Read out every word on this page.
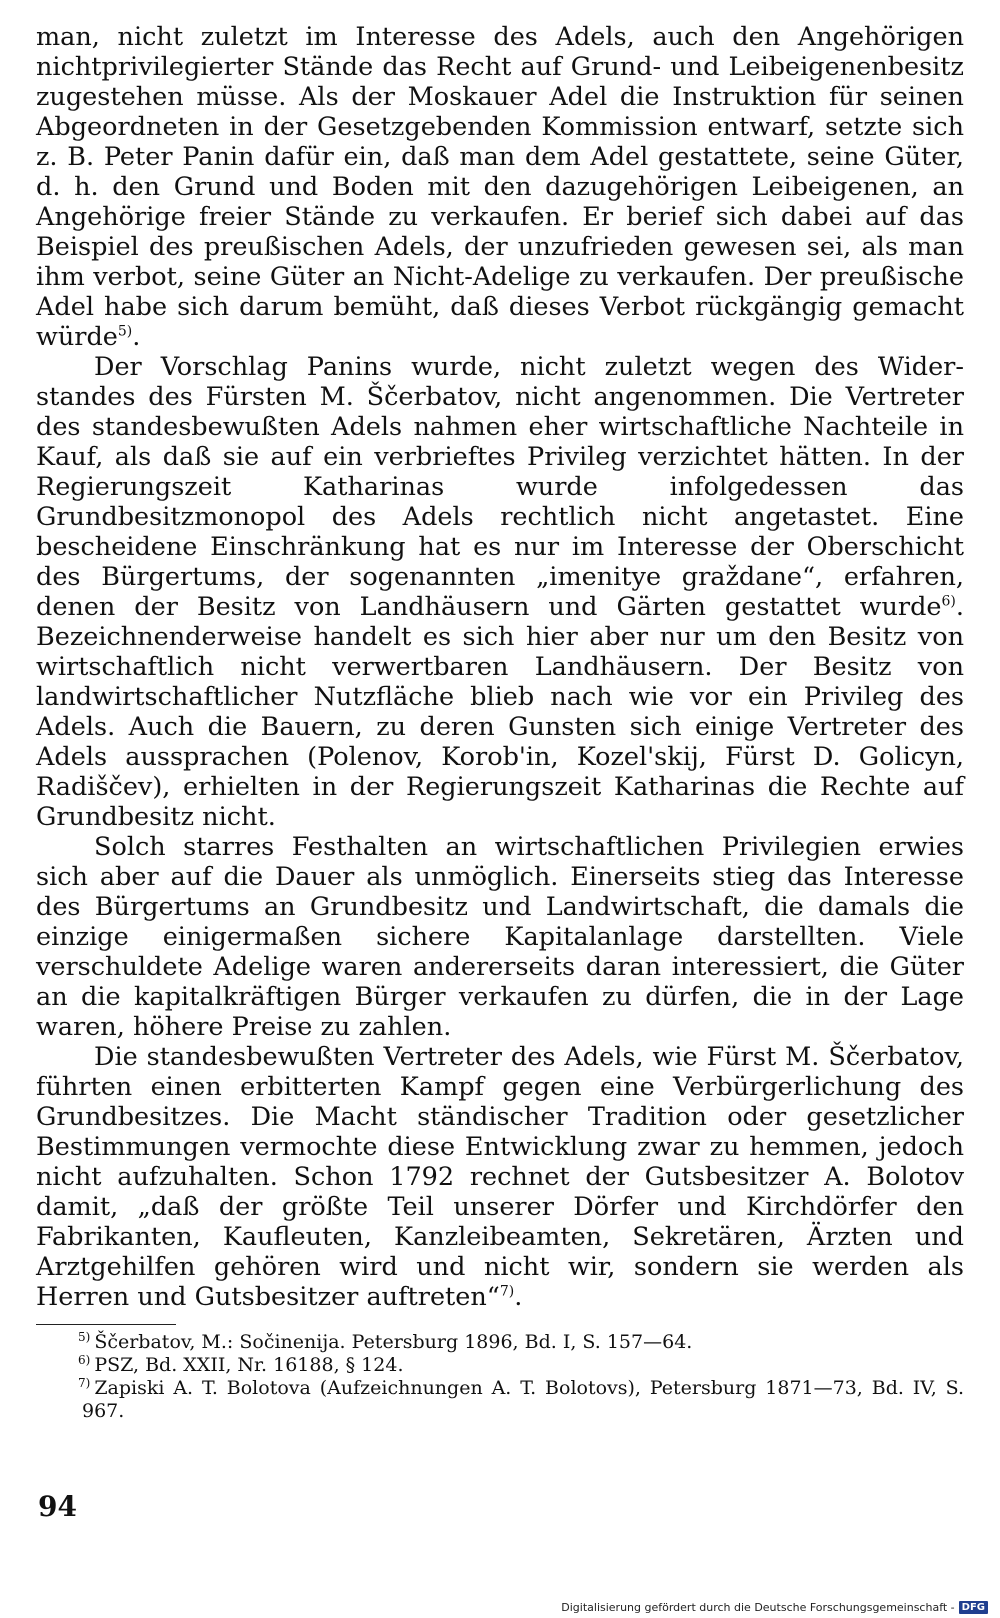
man, nicht zuletzt im Interesse des Adels, auch den Angehörigen nichtprivilegierter Stände das Recht auf Grund- und Leibeigenenbesitz zugestehen müsse. Als der Moskauer Adel die Instruktion für seinen Abgeordneten in der Gesetzgebenden Kommission entwarf, setzte sich z. B. Peter Panin dafür ein, daß man dem Adel gestattete, seine Güter, d. h. den Grund und Boden mit den dazugehörigen Leibeigenen, an Angehörige freier Stände zu verkaufen. Er berief sich dabei auf das Beispiel des preußischen Adels, der unzufrieden gewesen sei, als man ihm verbot, seine Güter an Nicht-Adelige zu verkaufen. Der preußische Adel habe sich darum bemüht, daß dieses Verbot rückgängig gemacht würde$^{5)}$.

Der Vorschlag Panins wurde, nicht zuletzt wegen des Widerstandes des Fürsten M. Ščerbatov, nicht angenommen. Die Vertreter des standesbewußten Adels nahmen eher wirtschaftliche Nachteile in Kauf, als daß sie auf ein verbrieftes Privileg verzichtet hätten. In der Regierungszeit Katharinas wurde infolgedessen das Grundbesitzmonopol des Adels rechtlich nicht angetastet. Eine bescheidene Einschränkung hat es nur im Interesse der Oberschicht des Bürgertums, der sogenannten „imenitye graždane“, erfahren, denen der Besitz von Landhäusern und Gärten gestattet wurde$^{6)}$. Bezeichnenderweise handelt es sich hier aber nur um den Besitz von wirtschaftlich nicht verwertbaren Landhäusern. Der Besitz von landwirtschaftlicher Nutzfläche blieb nach wie vor ein Privileg des Adels. Auch die Bauern, zu deren Gunsten sich einige Vertreter des Adels aussprachen (Polenov, Korob'in, Kozel'skij, Fürst D. Golicyn, Radiščev), erhielten in der Regierungszeit Katharinas die Rechte auf Grundbesitz nicht.

Solch starres Festhalten an wirtschaftlichen Privilegien erwies sich aber auf die Dauer als unmöglich. Einerseits stieg das Interesse des Bürgertums an Grundbesitz und Landwirtschaft, die damals die einzige einigermaßen sichere Kapitalanlage darstellten. Viele verschuldete Adelige waren andererseits daran interessiert, die Güter an die kapitalkräftigen Bürger verkaufen zu dürfen, die in der Lage waren, höhere Preise zu zahlen.

Die standesbewußten Vertreter des Adels, wie Fürst M. Ščerbatov, führten einen erbitterten Kampf gegen eine Verbürgerlichung des Grundbesitzes. Die Macht ständischer Tradition oder gesetzlicher Bestimmungen vermochte diese Entwicklung zwar zu hemmen, jedoch nicht aufzuhalten. Schon 1792 rechnet der Gutsbesitzer A. Bolotov damit, „daß der größte Teil unserer Dörfer und Kirchdörfer den Fabrikanten, Kaufleuten, Kanzleibeamten, Sekretären, Ärzten und Arztgehilfen gehören wird und nicht wir, sondern sie werden als Herren und Gutsbesitzer auftreten“$^{7)}$.

$^{5)}$ Ščerbatov, M.: Sočinenija. Petersburg 1896, Bd. I, S. 157—64.
$^{6)}$ PSZ, Bd. XXII, Nr. 16188, § 124.
$^{7)}$ Zapiski A. T. Bolotova (Aufzeichnungen A. T. Bolotovs), Petersburg 1871—73, Bd. IV, S. 967.
94
Digitalisierung gefördert durch die Deutsche Forschungsgemeinschaft - DFG
